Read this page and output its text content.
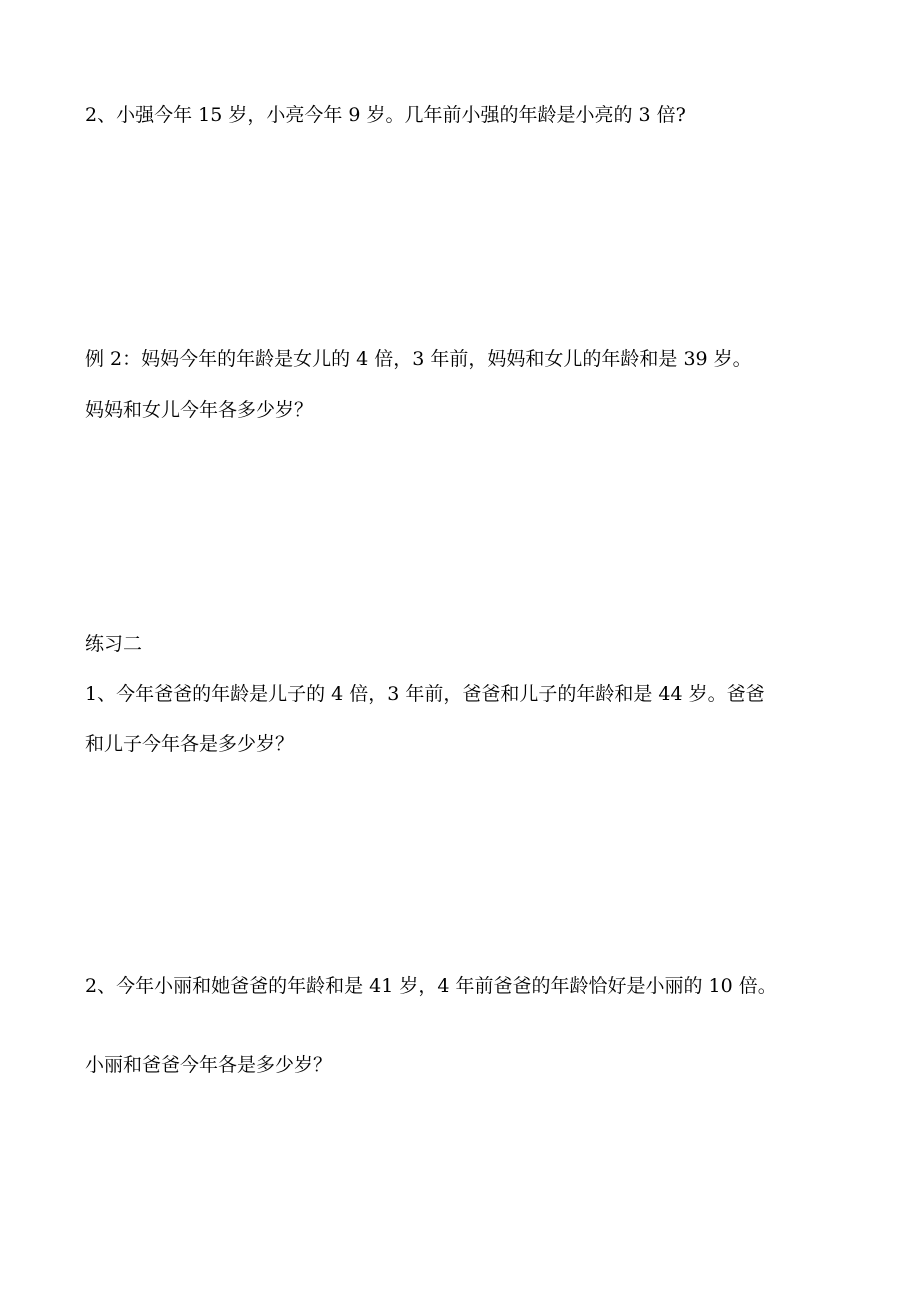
2、小强今年 15 岁，小亮今年 9 岁。几年前小强的年龄是小亮的 3 倍?

例 2：妈妈今年的年龄是女儿的 4 倍，3 年前，妈妈和女儿的年龄和是 39 岁。

妈妈和女儿今年各多少岁？

练习二

1、今年爸爸的年龄是儿子的 4 倍，3 年前，爸爸和儿子的年龄和是 44 岁。爸爸

和儿子今年各是多少岁？

2、今年小丽和她爸爸的年龄和是 41 岁，4 年前爸爸的年龄恰好是小丽的 10 倍。

小丽和爸爸今年各是多少岁？
